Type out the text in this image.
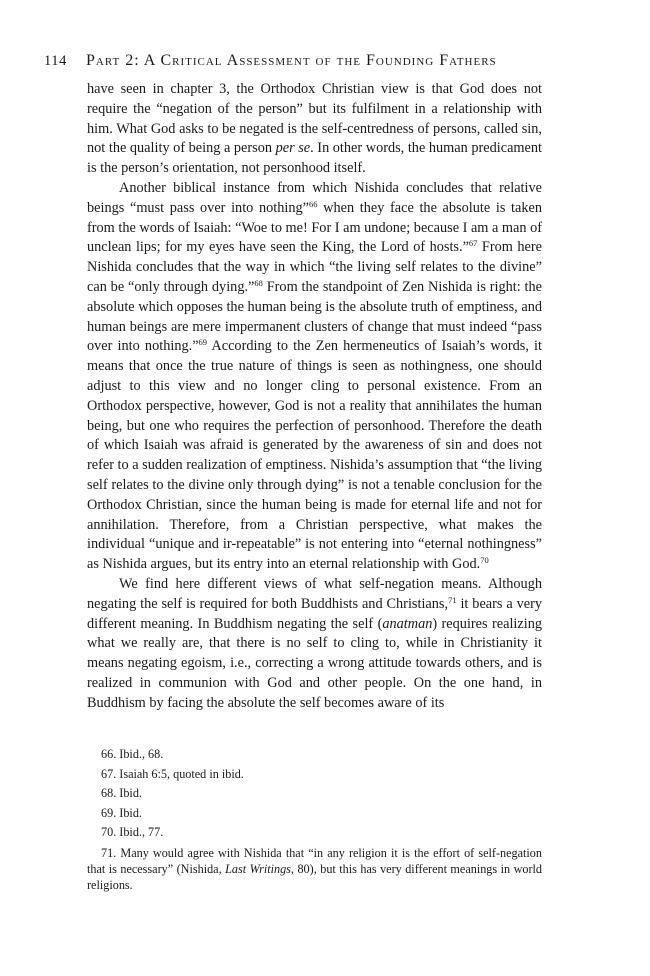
114 Part 2: A Critical Assessment of the Founding Fathers

have seen in chapter 3, the Orthodox Christian view is that God does not require the “negation of the person” but its fulfilment in a relationship with him. What God asks to be negated is the self-centredness of persons, called sin, not the quality of being a person per se. In other words, the human predicament is the person’s orientation, not personhood itself.

Another biblical instance from which Nishida concludes that relative beings “must pass over into nothing”$^{66}$ when they face the absolute is taken from the words of Isaiah: “Woe to me! For I am undone; because I am a man of unclean lips; for my eyes have seen the King, the Lord of hosts.”$^{67}$ From here Nishida concludes that the way in which “the living self relates to the divine” can be “only through dying.”$^{68}$ From the standpoint of Zen Nishida is right: the absolute which opposes the human being is the absolute truth of emptiness, and human beings are mere impermanent clusters of change that must indeed “pass over into nothing.”$^{69}$ According to the Zen hermeneutics of Isaiah’s words, it means that once the true nature of things is seen as nothingness, one should adjust to this view and no longer cling to personal existence. From an Orthodox perspective, however, God is not a reality that annihilates the human being, but one who requires the perfection of personhood. Therefore the death of which Isaiah was afraid is generated by the awareness of sin and does not refer to a sudden realization of emptiness. Nishida’s assumption that “the living self relates to the divine only through dying” is not a tenable conclusion for the Orthodox Christian, since the human being is made for eternal life and not for annihilation. Therefore, from a Christian perspective, what makes the individual “unique and ir-repeatable” is not entering into “eternal nothingness” as Nishida argues, but its entry into an eternal relationship with God.$^{70}$

We find here different views of what self-negation means. Although negating the self is required for both Buddhists and Christians,$^{71}$ it bears a very different meaning. In Buddhism negating the self (anatman) requires realizing what we really are, that there is no self to cling to, while in Christianity it means negating egoism, i.e., correcting a wrong attitude towards others, and is realized in communion with God and other people. On the one hand, in Buddhism by facing the absolute the self becomes aware of its

66. Ibid., 68.
67. Isaiah 6:5, quoted in ibid.
68. Ibid.
69. Ibid.
70. Ibid., 77.
71. Many would agree with Nishida that “in any religion it is the effort of self-negation that is necessary” (Nishida, Last Writings, 80), but this has very different meanings in world religions.
